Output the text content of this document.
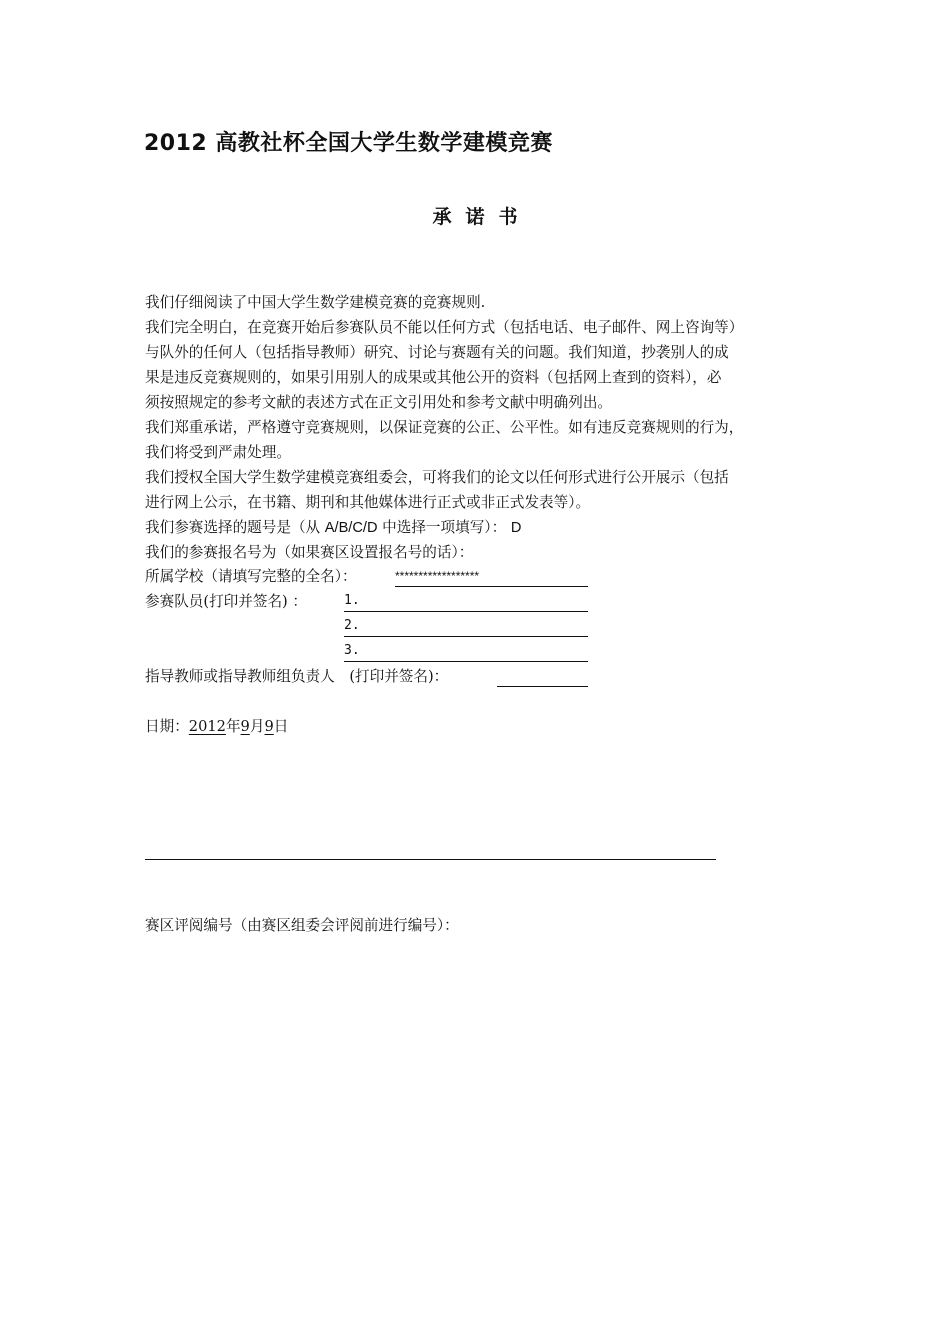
2012 高教社杯全国大学生数学建模竞赛
承诺书
我们仔细阅读了中国大学生数学建模竞赛的竞赛规则.
我们完全明白，在竞赛开始后参赛队员不能以任何方式（包括电话、电子邮件、网上咨询等）
与队外的任何人（包括指导教师）研究、讨论与赛题有关的问题。我们知道，抄袭别人的成
果是违反竞赛规则的，如果引用别人的成果或其他公开的资料（包括网上查到的资料），必
须按照规定的参考文献的表述方式在正文引用处和参考文献中明确列出。
我们郑重承诺，严格遵守竞赛规则，以保证竞赛的公正、公平性。如有违反竞赛规则的行为，
我们将受到严肃处理。
我们授权全国大学生数学建模竞赛组委会，可将我们的论文以任何形式进行公开展示（包括
进行网上公示，在书籍、期刊和其他媒体进行正式或非正式发表等）。
我们参赛选择的题号是（从 A/B/C/D 中选择一项填写）： D
我们的参赛报名号为（如果赛区设置报名号的话）：
所属学校（请填写完整的全名）：	******************
参赛队员(打印并签名) ：	1.
2.
3.
指导教师或指导教师组负责人　(打印并签名)：
日期：2012年9月9日
赛区评阅编号（由赛区组委会评阅前进行编号）：
